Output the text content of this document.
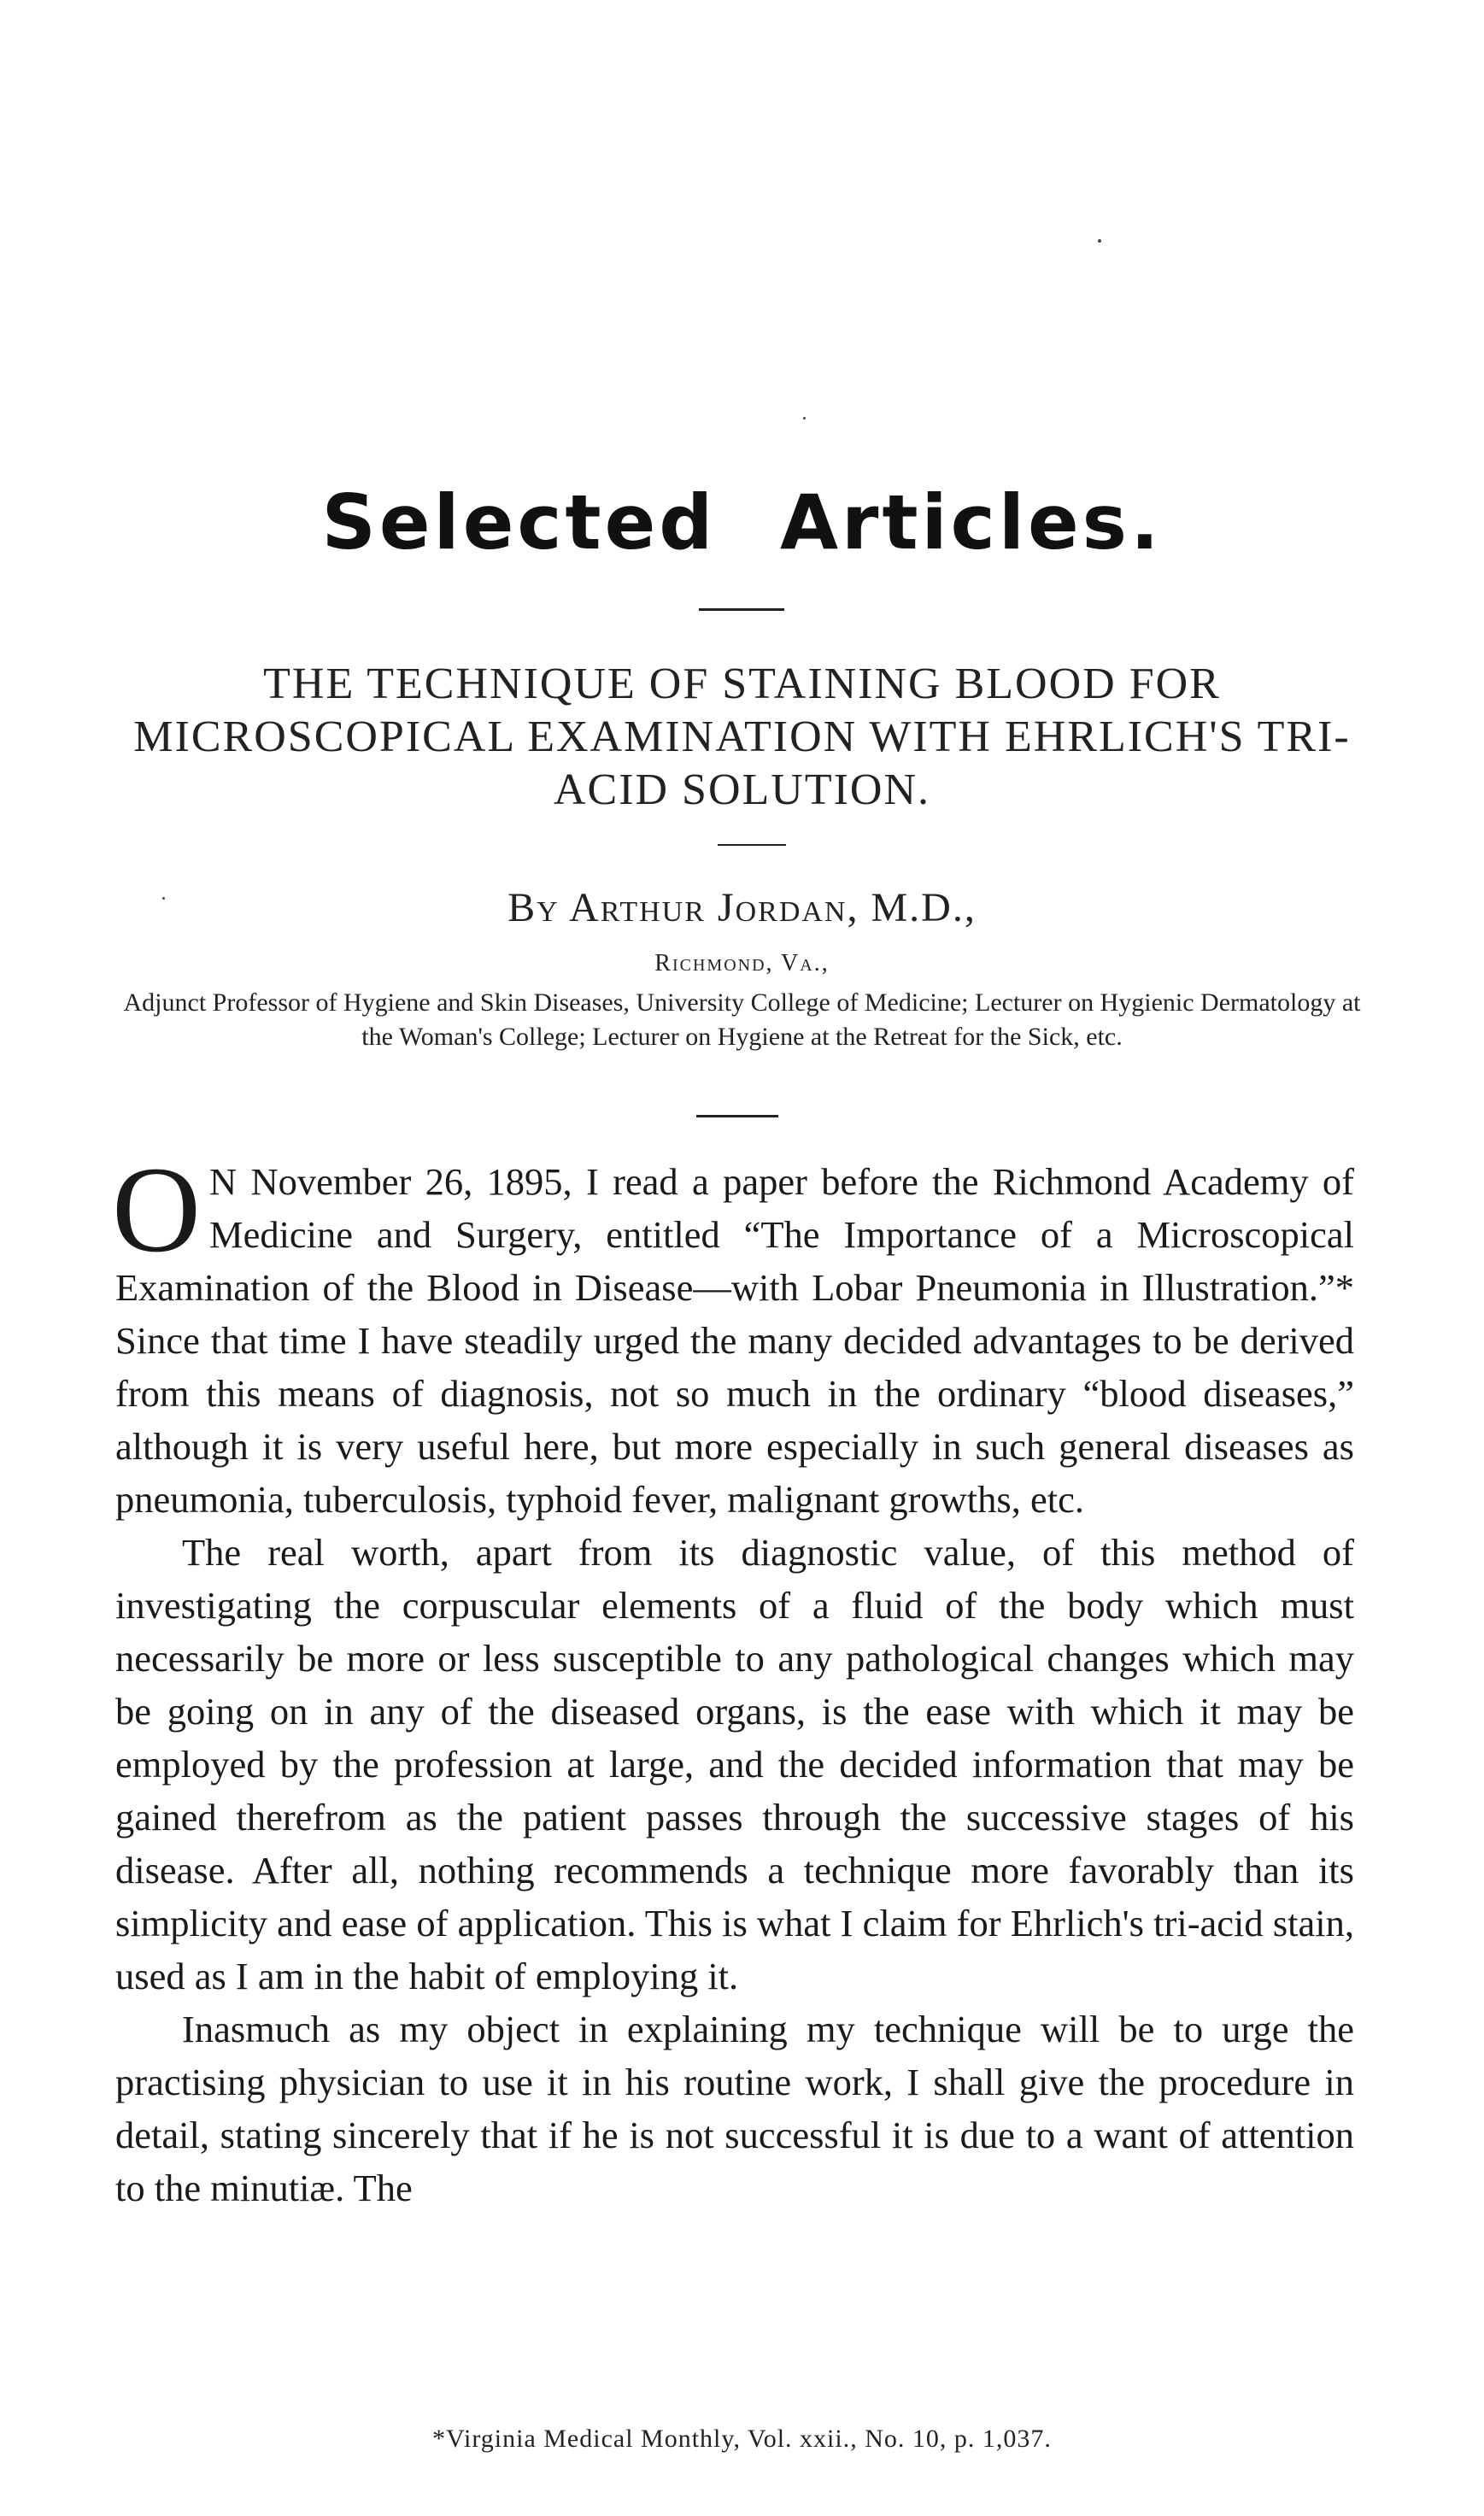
Selected Articles.
THE TECHNIQUE OF STAINING BLOOD FOR MICROSCOPICAL EXAMINATION WITH EHRLICH'S TRI-ACID SOLUTION.
By Arthur Jordan, M.D.,
Richmond, Va.,
Adjunct Professor of Hygiene and Skin Diseases, University College of Medicine; Lecturer on Hygienic Dermatology at the Woman's College; Lecturer on Hygiene at the Retreat for the Sick, etc.

O N November 26, 1895, I read a paper before the Richmond Academy of Medicine and Surgery, entitled “The Importance of a Microscopical Examination of the Blood in Disease—with Lobar Pneumonia in Illustration.”* Since that time I have steadily urged the many decided advantages to be derived from this means of diagnosis, not so much in the ordinary “blood diseases,” although it is very useful here, but more especially in such general diseases as pneumonia, tuberculosis, typhoid fever, malignant growths, etc.

The real worth, apart from its diagnostic value, of this method of investigating the corpuscular elements of a fluid of the body which must necessarily be more or less susceptible to any pathological changes which may be going on in any of the diseased organs, is the ease with which it may be employed by the profession at large, and the decided information that may be gained therefrom as the patient passes through the successive stages of his disease. After all, nothing recommends a technique more favorably than its simplicity and ease of application. This is what I claim for Ehrlich's tri-acid stain, used as I am in the habit of employing it.

Inasmuch as my object in explaining my technique will be to urge the practising physician to use it in his routine work, I shall give the procedure in detail, stating sincerely that if he is not successful it is due to a want of attention to the minutiæ. The

*Virginia Medical Monthly, Vol. xxii., No. 10, p. 1,037.
